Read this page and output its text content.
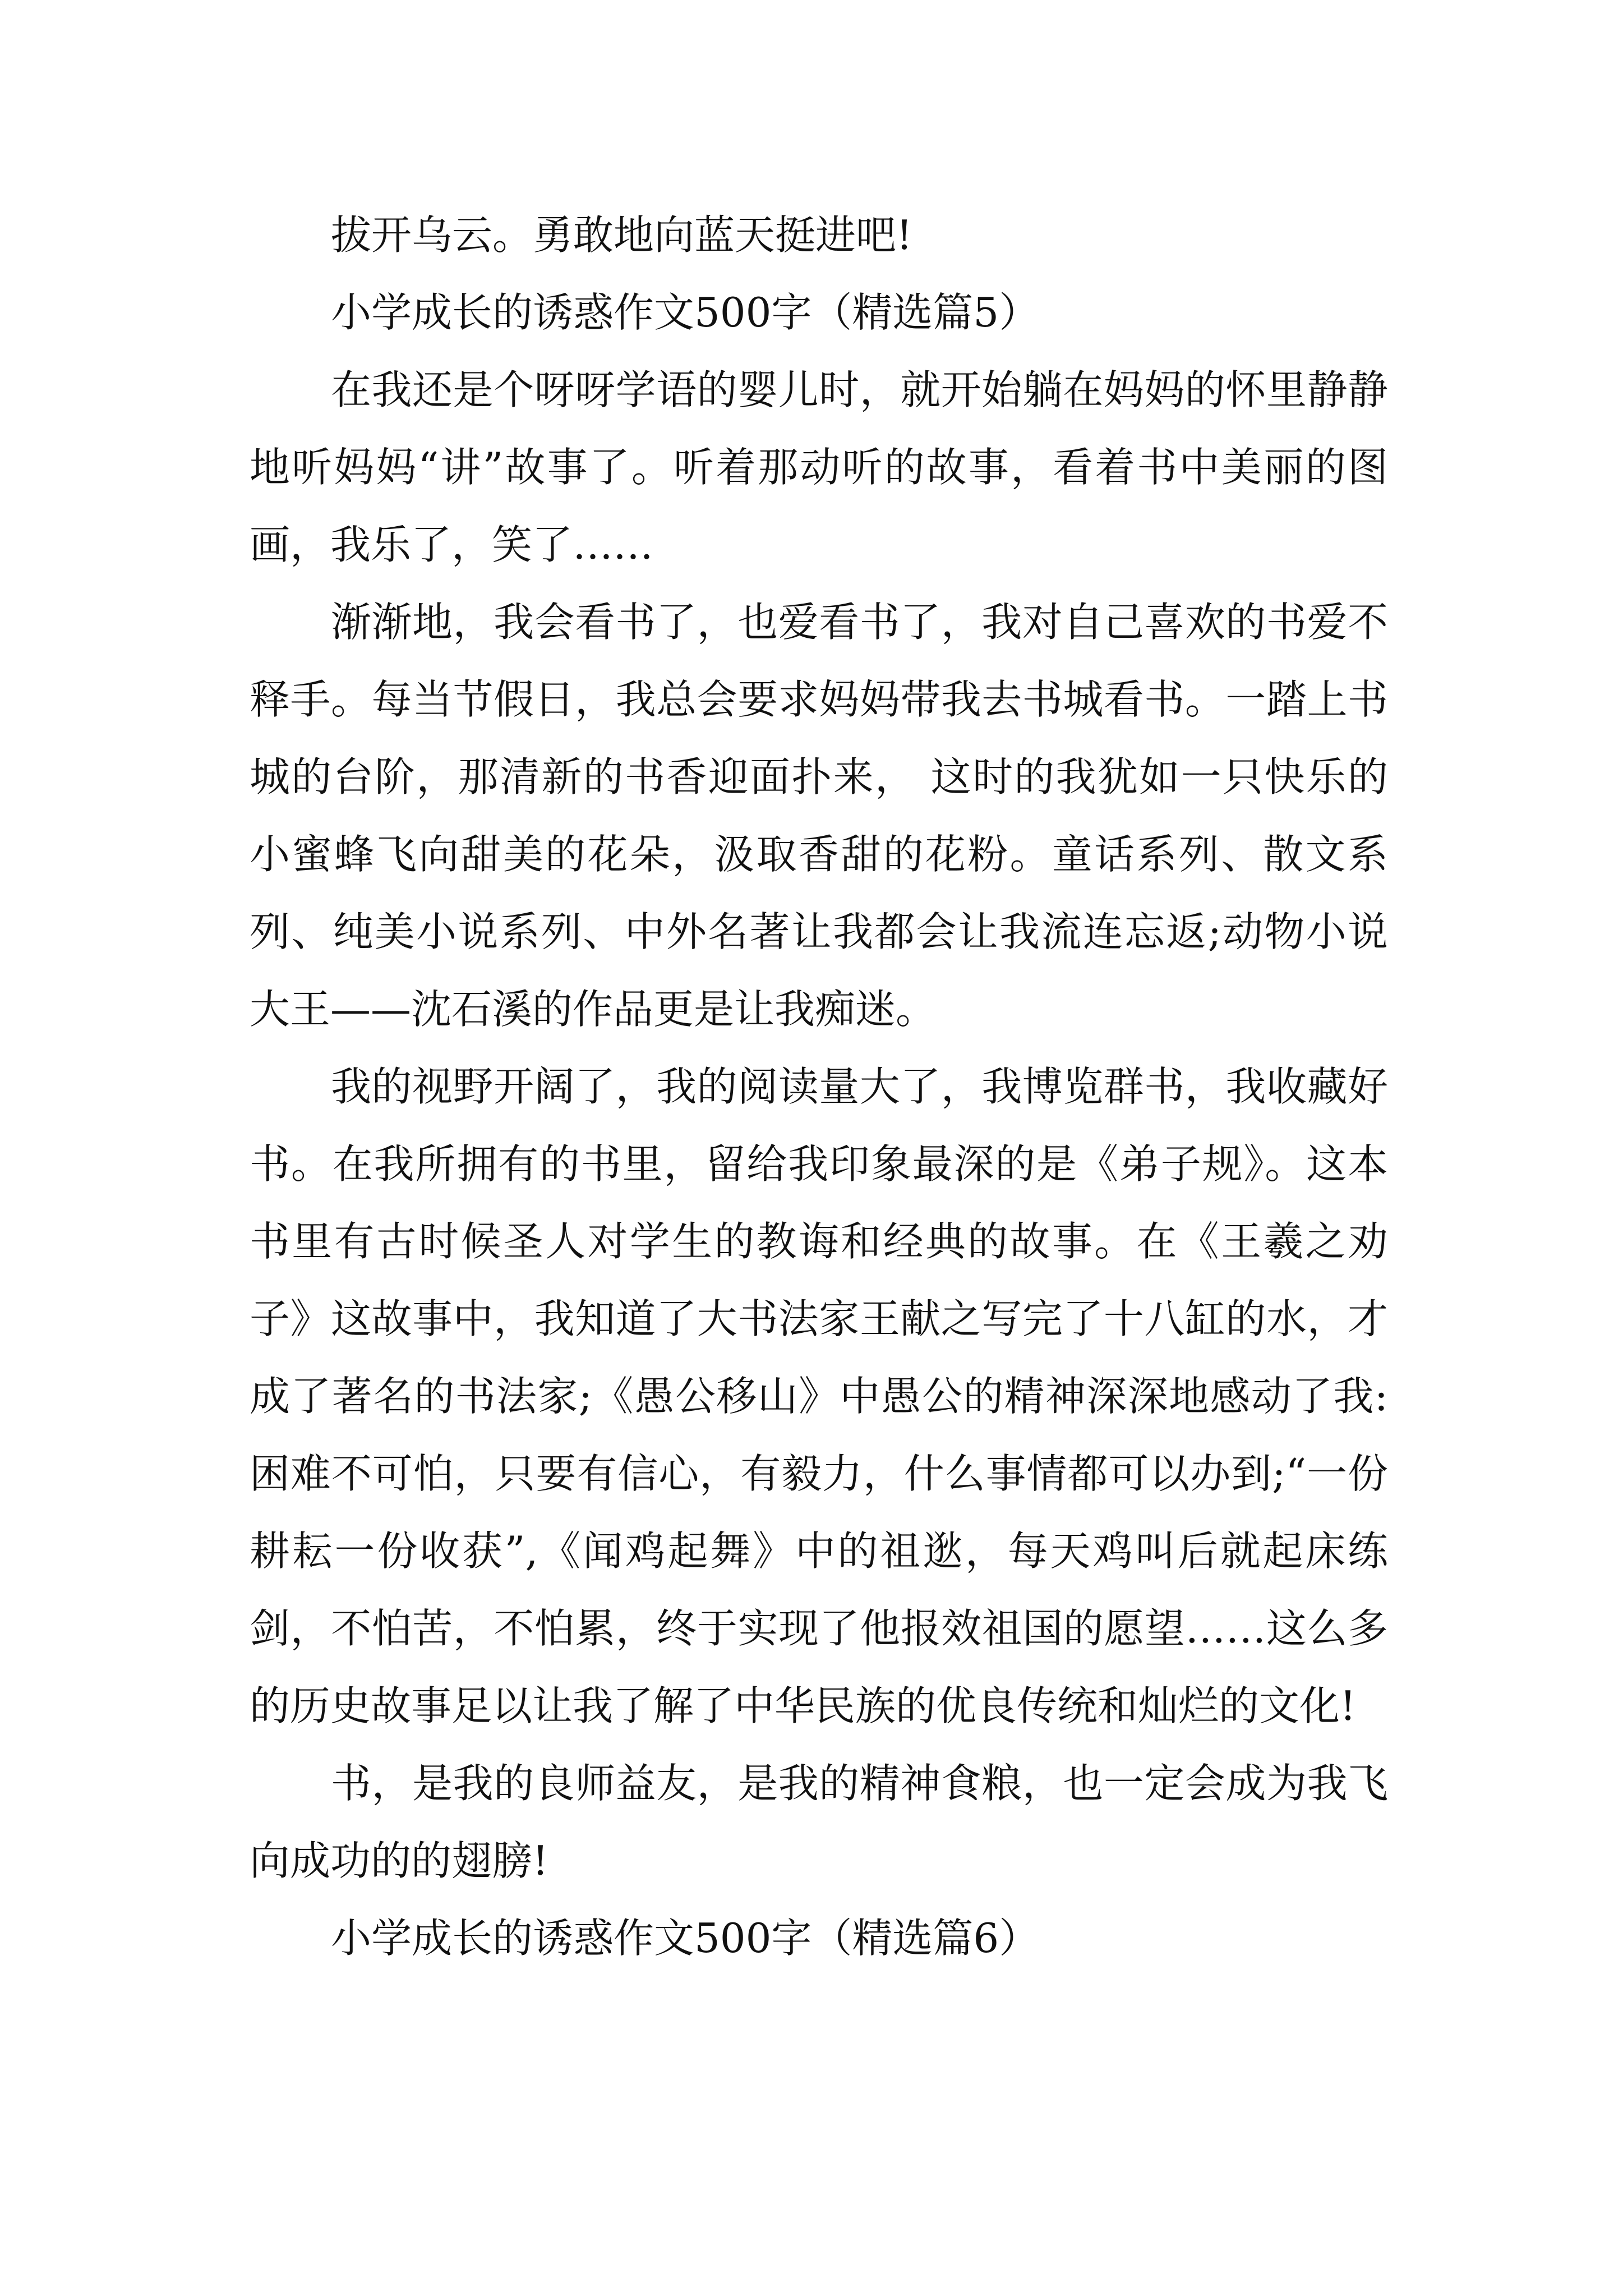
拔开乌云。勇敢地向蓝天挺进吧!

小学成长的诱惑作文500字（精选篇5）

在我还是个呀呀学语的婴儿时，就开始躺在妈妈的怀里静静地听妈妈“讲”故事了。听着那动听的故事，看着书中美丽的图画，我乐了，笑了……

渐渐地，我会看书了，也爱看书了，我对自己喜欢的书爱不释手。每当节假日，我总会要求妈妈带我去书城看书。一踏上书城的台阶，那清新的书香迎面扑来， 这时的我犹如一只快乐的小蜜蜂飞向甜美的花朵，汲取香甜的花粉。童话系列、散文系列、纯美小说系列、中外名著让我都会让我流连忘返;动物小说大王——沈石溪的作品更是让我痴迷。

我的视野开阔了，我的阅读量大了，我博览群书，我收藏好书。在我所拥有的书里，留给我印象最深的是《弟子规》。这本书里有古时候圣人对学生的教诲和经典的故事。在《王羲之劝子》这故事中，我知道了大书法家王献之写完了十八缸的水，才成了著名的书法家;《愚公移山》中愚公的精神深深地感动了我:困难不可怕，只要有信心，有毅力，什么事情都可以办到;“一份耕耘一份收获”,《闻鸡起舞》中的祖逖，每天鸡叫后就起床练剑，不怕苦，不怕累，终于实现了他报效祖国的愿望……这么多的历史故事足以让我了解了中华民族的优良传统和灿烂的文化!

书，是我的良师益友，是我的精神食粮，也一定会成为我飞向成功的的翅膀!

小学成长的诱惑作文500字（精选篇6）
